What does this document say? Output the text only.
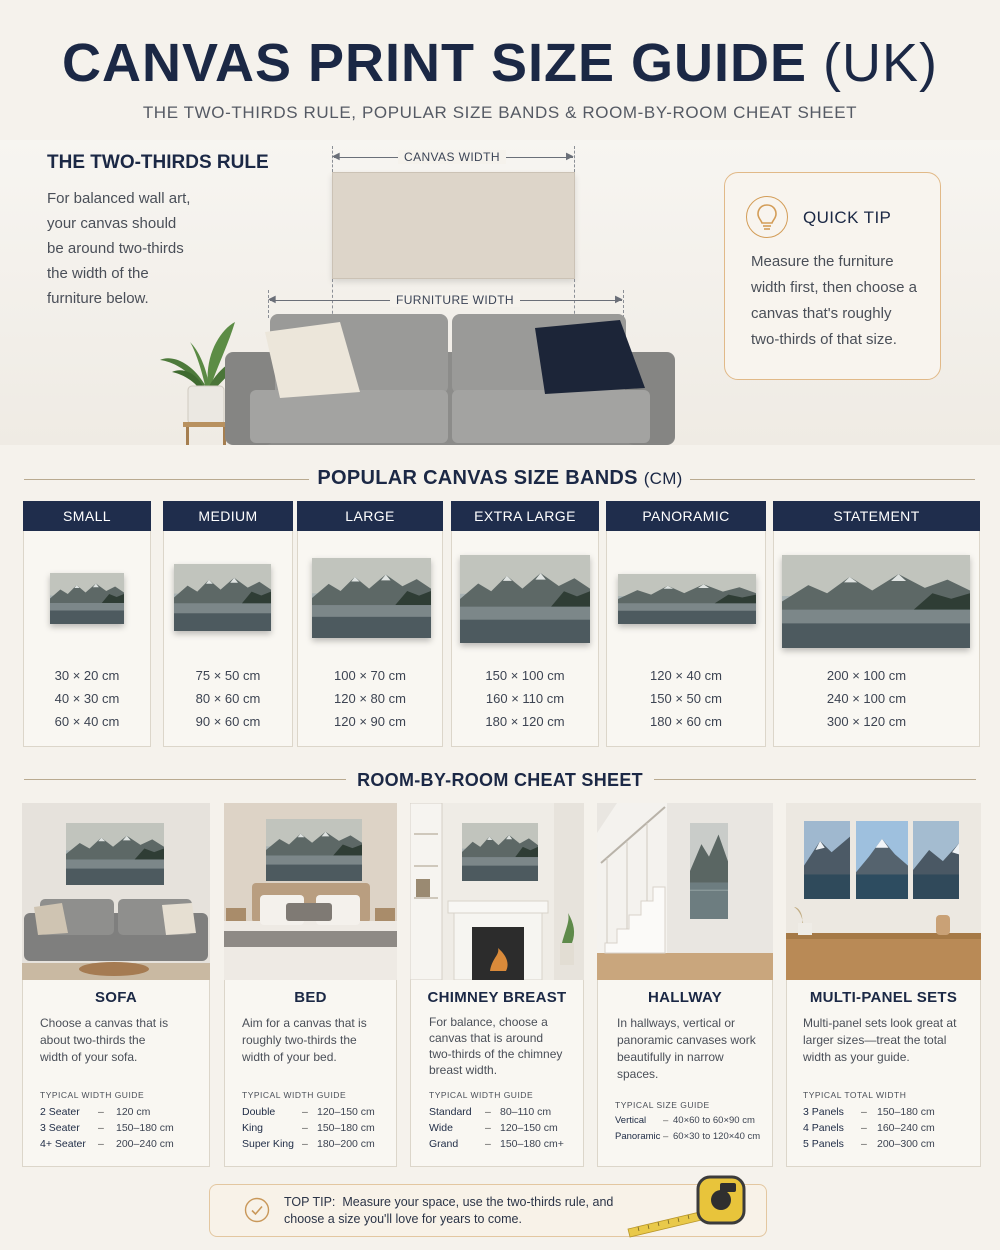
CANVAS PRINT SIZE GUIDE (UK)
THE TWO-THIRDS RULE, POPULAR SIZE BANDS & ROOM-BY-ROOM CHEAT SHEET
THE TWO-THIRDS RULE
For balanced wall art, your canvas should be around two-thirds the width of the furniture below.
◀	▶
CANVAS WIDTH
◀	▶
FURNITURE WIDTH
QUICK TIP
Measure the furniture width first, then choose a canvas that's roughly two-thirds of that size.
POPULAR CANVAS SIZE BANDS (CM)
SMALL
30 × 20 cm
40 × 30 cm
60 × 40 cm
MEDIUM
75 × 50 cm
80 × 60 cm
90 × 60 cm
LARGE
100 × 70 cm
120 × 80 cm
120 × 90 cm
EXTRA LARGE
150 × 100 cm
160 × 110 cm
180 × 120 cm
PANORAMIC
120 × 40 cm
150 × 50 cm
180 × 60 cm
STATEMENT
200 × 100 cm
240 × 100 cm
300 × 120 cm
ROOM-BY-ROOM CHEAT SHEET
SOFA
Choose a canvas that is about two-thirds the width of your sofa.
TYPICAL WIDTH GUIDE
2 Seater – 120 cm
3 Seater – 150–180 cm
4+ Seater – 200–240 cm
BED
Aim for a canvas that is roughly two-thirds the width of your bed.
TYPICAL WIDTH GUIDE
Double	– 120–150 cm
King	– 150–180 cm
Super King – 180–200 cm
CHIMNEY BREAST
For balance, choose a canvas that is around two-thirds of the chimney breast width.
TYPICAL WIDTH GUIDE
Standard – 80–110 cm
Wide	– 120–150 cm
Grand	– 150–180 cm+
HALLWAY
In hallways, vertical or panoramic canvases work beautifully in narrow spaces.
TYPICAL SIZE GUIDE
Vertical – 40×60 to 60×90 cm
Panoramic – 60×30 to 120×40 cm
MULTI-PANEL SETS
Multi-panel sets look great at larger sizes—treat the total width as your guide.
TYPICAL TOTAL WIDTH
3 Panels – 150–180 cm
4 Panels – 160–240 cm
5 Panels – 200–300 cm
TOP TIP: Measure your space, use the two-thirds rule, and choose a size you'll love for years to come.
